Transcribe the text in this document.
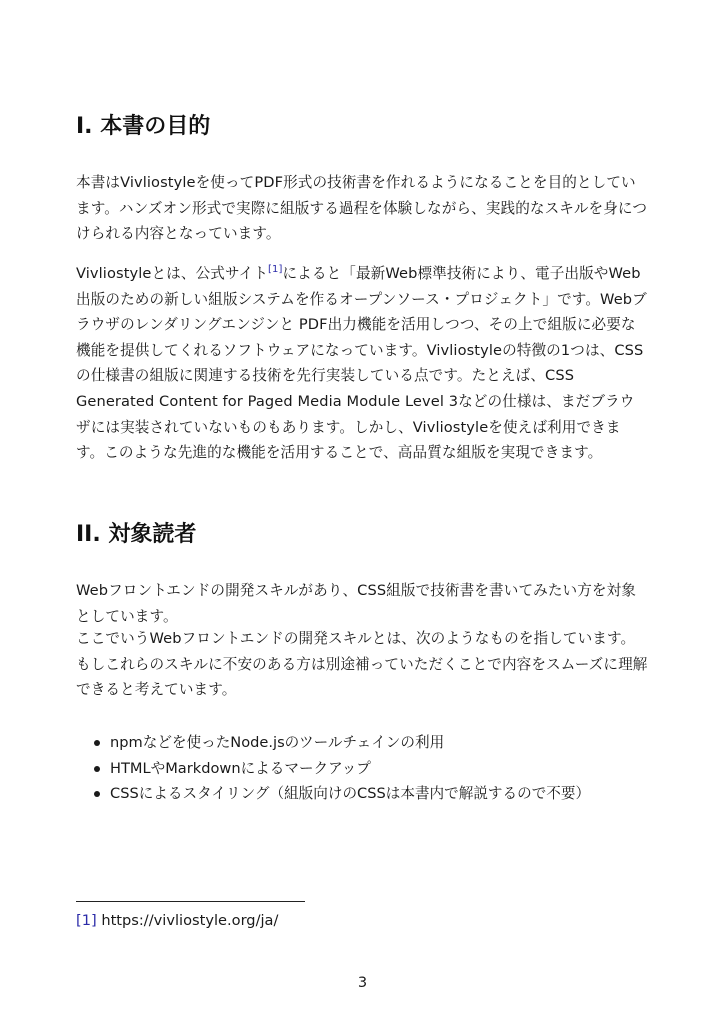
I. 本書の目的

本書はVivliostyleを使ってPDF形式の技術書を作れるようになることを目的としています。ハンズオン形式で実際に組版する過程を体験しながら、実践的なスキルを身につけられる内容となっています。

Vivliostyleとは、公式サイト[1]によると「最新Web標準技術により、電子出版やWeb出版のための新しい組版システムを作るオープンソース・プロジェクト」です。Webブラウザのレンダリングエンジンと PDF出力機能を活用しつつ、その上で組版に必要な機能を提供してくれるソフトウェアになっています。Vivliostyleの特徴の1つは、CSSの仕様書の組版に関連する技術を先行実装している点です。たとえば、CSS Generated Content for Paged Media Module Level 3などの仕様は、まだブラウザには実装されていないものもあります。しかし、Vivliostyleを使えば利用できます。このような先進的な機能を活用することで、高品質な組版を実現できます。

II. 対象読者

Webフロントエンドの開発スキルがあり、CSS組版で技術書を書いてみたい方を対象としています。

ここでいうWebフロントエンドの開発スキルとは、次のようなものを指しています。もしこれらのスキルに不安のある方は別途補っていただくことで内容をスムーズに理解できると考えています。

npmなどを使ったNode.jsのツールチェインの利用
HTMLやMarkdownによるマークアップ
CSSによるスタイリング（組版向けのCSSは本書内で解説するので不要）
[1] https://vivliostyle.org/ja/
3
